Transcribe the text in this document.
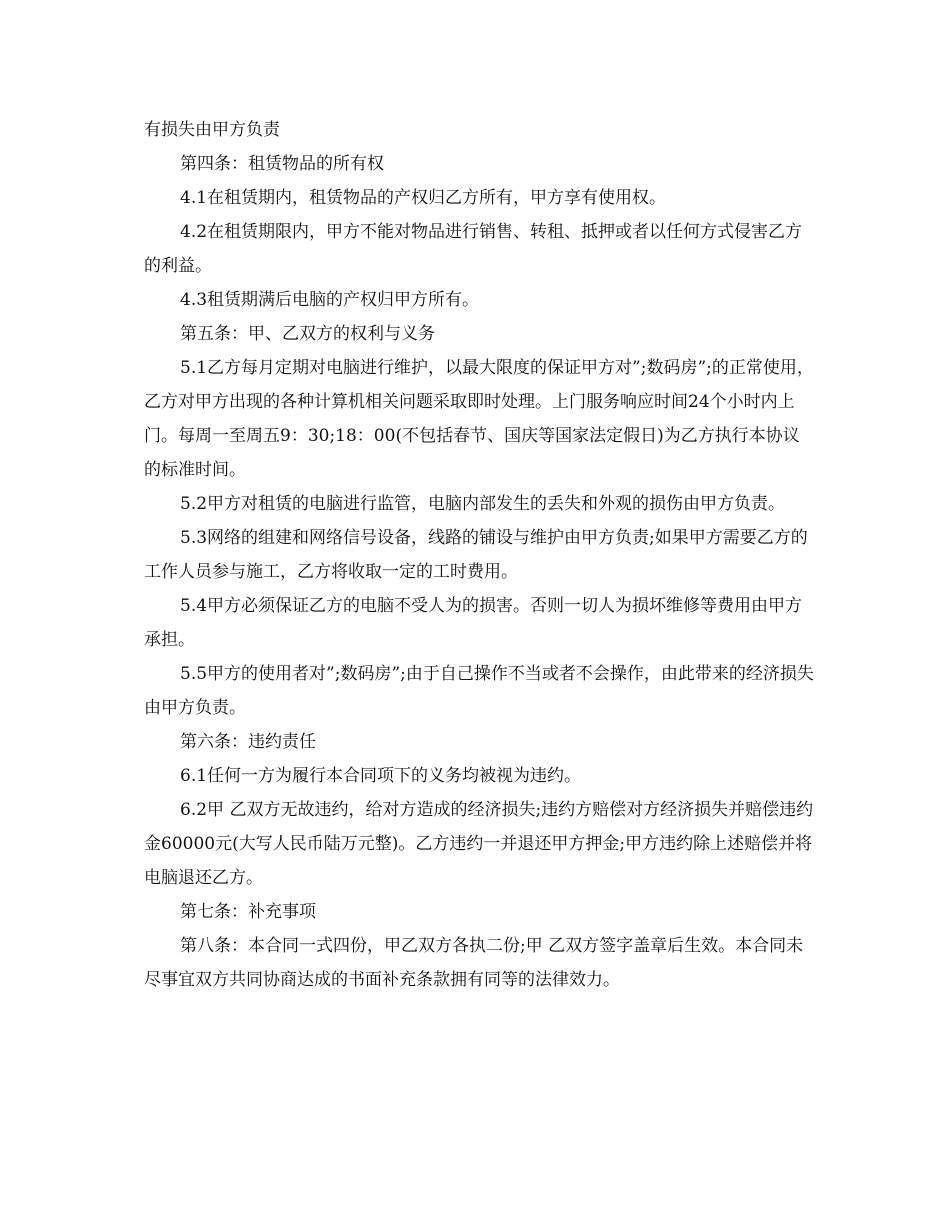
有损失由甲方负责

第四条：租赁物品的所有权

4.1在租赁期内，租赁物品的产权归乙方所有，甲方享有使用权。

4.2在租赁期限内，甲方不能对物品进行销售、转租、抵押或者以任何方式侵害乙方的利益。

4.3租赁期满后电脑的产权归甲方所有。

第五条：甲、乙双方的权利与义务

5.1乙方每月定期对电脑进行维护，以最大限度的保证甲方对”;数码房”;的正常使用，乙方对甲方出现的各种计算机相关问题采取即时处理。上门服务响应时间24个小时内上门。每周一至周五9：30;18：00(不包括春节、国庆等国家法定假日)为乙方执行本协议的标准时间。

5.2甲方对租赁的电脑进行监管，电脑内部发生的丢失和外观的损伤由甲方负责。

5.3网络的组建和网络信号设备，线路的铺设与维护由甲方负责;如果甲方需要乙方的工作人员参与施工，乙方将收取一定的工时费用。

5.4甲方必须保证乙方的电脑不受人为的损害。否则一切人为损坏维修等费用由甲方承担。

5.5甲方的使用者对”;数码房”;由于自己操作不当或者不会操作，由此带来的经济损失由甲方负责。

第六条：违约责任

6.1任何一方为履行本合同项下的义务均被视为违约。

6.2甲 乙双方无故违约，给对方造成的经济损失;违约方赔偿对方经济损失并赔偿违约金60000元(大写人民币陆万元整)。乙方违约一并退还甲方押金;甲方违约除上述赔偿并将电脑退还乙方。

第七条：补充事项

第八条：本合同一式四份，甲乙双方各执二份;甲 乙双方签字盖章后生效。本合同未尽事宜双方共同协商达成的书面补充条款拥有同等的法律效力。
